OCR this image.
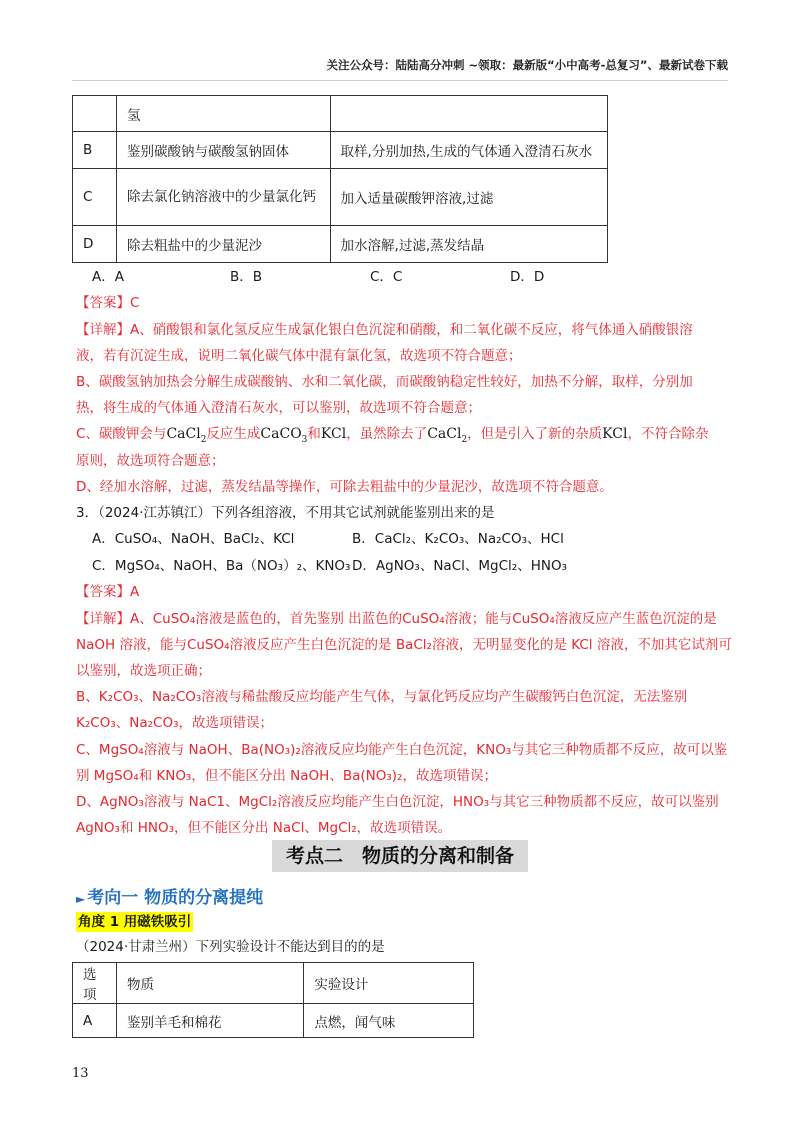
关注公众号：陆陆高分冲刺 ~领取：最新版“小中高考-总复习”、最新试卷下载
	氢	
B	鉴别碳酸钠与碳酸氢钠固体	取样,分别加热,生成的气体通入澄清石灰水
C	除去氯化钠溶液中的少量氯化钙	加入适量碳酸钾溶液,过滤
D	除去粗盐中的少量泥沙	加水溶解,过滤,蒸发结晶
A．A	B．B	C．C	D．D
【答案】C
【详解】A、硝酸银和氯化氢反应生成氯化银白色沉淀和硝酸，和二氧化碳不反应，将气体通入硝酸银溶
液，若有沉淀生成，说明二氧化碳气体中混有氯化氢，故选项不符合题意；
B、碳酸氢钠加热会分解生成碳酸钠、水和二氧化碳，而碳酸钠稳定性较好，加热不分解，取样，分别加
热，将生成的气体通入澄清石灰水，可以鉴别，故选项不符合题意；
C、碳酸钾会与CaCl$_2$反应生成CaCO$_3$和KCl，虽然除去了CaCl$_2$，但是引入了新的杂质KCl，不符合除杂
原则，故选项符合题意；
D、经加水溶解，过滤，蒸发结晶等操作，可除去粗盐中的少量泥沙，故选项不符合题意。
3．（2024·江苏镇江）下列各组溶液，不用其它试剂就能鉴别出来的是
A．CuSO₄、NaOH、BaCl₂、KCl	B．CaCl₂、K₂CO₃、Na₂CO₃、HCl
C．MgSO₄、NaOH、Ba（NO₃）₂、KNO₃ D．AgNO₃、NaCl、MgCl₂、HNO₃
【答案】A
【详解】A、CuSO₄溶液是蓝色的，首先鉴别 出蓝色的CuSO₄溶液；能与CuSO₄溶液反应产生蓝色沉淀的是
NaOH 溶液，能与CuSO₄溶液反应产生白色沉淀的是 BaCl₂溶液，无明显变化的是 KCl 溶液，不加其它试剂可
以鉴别，故选项正确；
B、K₂CO₃、Na₂CO₃溶液与稀盐酸反应均能产生气体，与氯化钙反应均产生碳酸钙白色沉淀，无法鉴别
K₂CO₃、Na₂CO₃，故选项错误；
C、MgSO₄溶液与 NaOH、Ba(NO₃)₂溶液反应均能产生白色沉淀，KNO₃与其它三种物质都不反应，故可以鉴
别 MgSO₄和 KNO₃，但不能区分出 NaOH、Ba(NO₃)₂，故选项错误；
D、AgNO₃溶液与 NaC1、MgCl₂溶液反应均能产生白色沉淀，HNO₃与其它三种物质都不反应，故可以鉴别
AgNO₃和 HNO₃，但不能区分出 NaCl、MgCl₂，故选项错误。
考点二　物质的分离和制备
► 考向一 物质的分离提纯
角度 1 用磁铁吸引
（2024·甘肃兰州）下列实验设计不能达到目的的是
选项	物质	实验设计
A	鉴别羊毛和棉花	点燃，闻气味
13
